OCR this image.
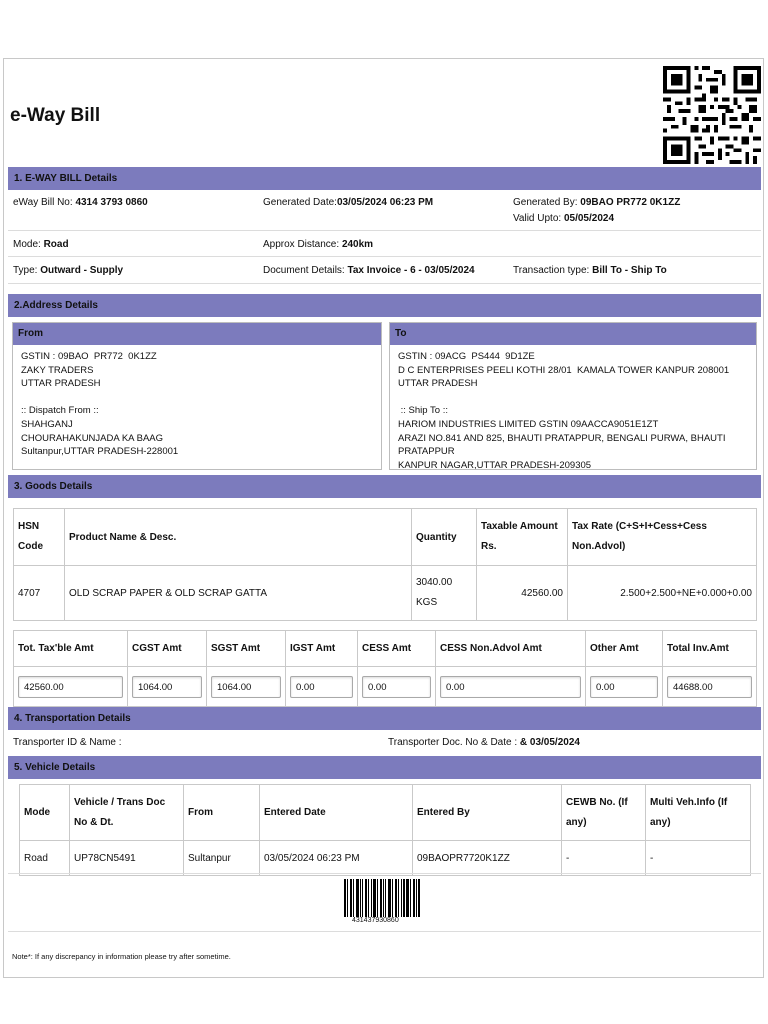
e-Way Bill
1. E-WAY BILL Details
eWay Bill No: 4314 3793 0860	Generated Date:03/05/2024 06:23 PM	Generated By: 09BAO PR772 0K1ZZ
Valid Upto: 05/05/2024
Mode: Road	Approx Distance: 240km
Type: Outward - Supply	Document Details: Tax Invoice - 6 - 03/05/2024	Transaction type: Bill To - Ship To
2.Address Details
From
GSTIN : 09BAO  PR772  0K1ZZ
ZAKY TRADERS
UTTAR PRADESH

:: Dispatch From ::
SHAHGANJ
CHOURAHAKUNJADA KA BAAG
Sultanpur,UTTAR PRADESH-228001
To
GSTIN : 09ACG  PS444  9D1ZE
D C ENTERPRISES PEELI KOTHI 28/01  KAMALA TOWER KANPUR 208001
UTTAR PRADESH

:: Ship To ::
HARIOM INDUSTRIES LIMITED GSTIN 09AACCA9051E1ZT
ARAZI NO.841 AND 825, BHAUTI PRATAPPUR, BENGALI PURWA, BHAUTI
PRATAPPUR
KANPUR NAGAR,UTTAR PRADESH-209305
3. Goods Details
HSN Code	Product Name & Desc.	Quantity	Taxable Amount Rs.	Tax Rate (C+S+I+Cess+Cess Non.Advol)
4707	OLD SCRAP PAPER & OLD SCRAP GATTA	3040.00 KGS	42560.00	2.500+2.500+NE+0.000+0.00
Tot. Tax'ble Amt	CGST Amt	SGST Amt	IGST Amt	CESS Amt	CESS Non.Advol Amt	Other Amt	Total Inv.Amt

42560.00	1064.00	1064.00	0.00	0.00	0.00	0.00	44688.00
4. Transportation Details
Transporter ID & Name :	Transporter Doc. No & Date : & 03/05/2024
5. Vehicle Details
Mode	Vehicle / Trans Doc No & Dt.	From	Entered Date	Entered By	CEWB No. (If any)	Multi Veh.Info (If any)
Road	UP78CN5491	Sultanpur	03/05/2024 06:23 PM	09BAOPR7720K1ZZ	-	-
431437930860
Note*: If any discrepancy in information please try after sometime.
